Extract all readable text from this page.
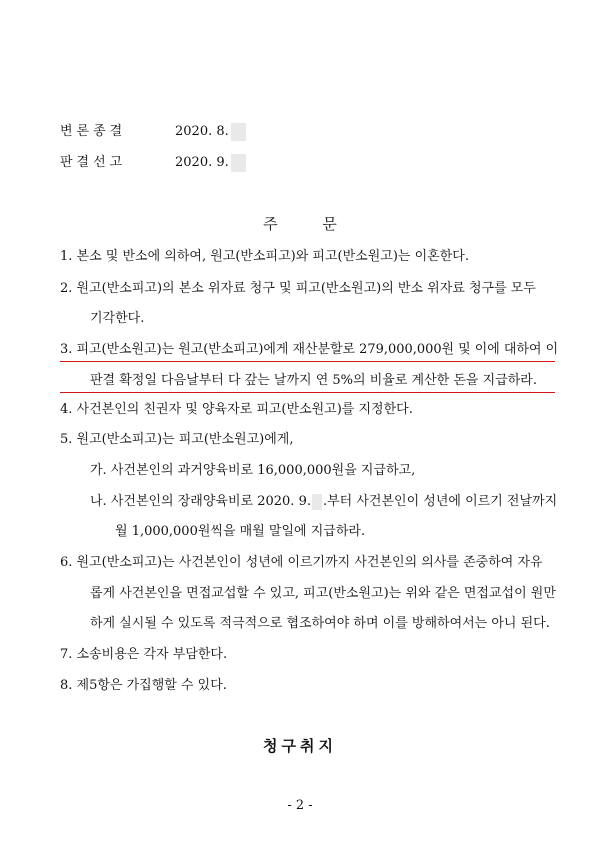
변론종결	2020. 8.
판결선고	2020. 9.
주 문
1. 본소 및 반소에 의하여, 원고(반소피고)와 피고(반소원고)는 이혼한다.
2. 원고(반소피고)의 본소 위자료 청구 및 피고(반소원고)의 반소 위자료 청구를 모두
기각한다.
3. 피고(반소원고)는 원고(반소피고)에게 재산분할로 279,000,000원 및 이에 대하여 이
판결 확정일 다음날부터 다 갚는 날까지 연 5%의 비율로 계산한 돈을 지급하라.
4. 사건본인의 친권자 및 양육자로 피고(반소원고)를 지정한다.
5. 원고(반소피고)는 피고(반소원고)에게,
가. 사건본인의 과거양육비로 16,000,000원을 지급하고,
나. 사건본인의 장래양육비로 2020. 9. .부터 사건본인이 성년에 이르기 전날까지
월 1,000,000원씩을 매월 말일에 지급하라.
6. 원고(반소피고)는 사건본인이 성년에 이르기까지 사건본인의 의사를 존중하여 자유
롭게 사건본인을 면접교섭할 수 있고, 피고(반소원고)는 위와 같은 면접교섭이 원만
하게 실시될 수 있도록 적극적으로 협조하여야 하며 이를 방해하여서는 아니 된다.
7. 소송비용은 각자 부담한다.
8. 제5항은 가집행할 수 있다.
청구취지
- 2 -
